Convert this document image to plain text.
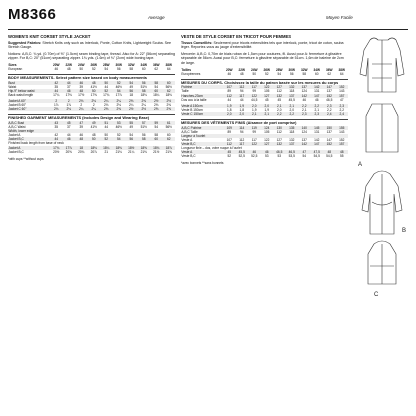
M8366	Average	Moyen Facile
WOMEN'S KNIT CORSET STYLE JACKET
Suggested Fabrics: Stretch Knits only such as Interlock, Ponte, Cotton Knits, Lightweight Scuba. See Stretch Gauge.
Notions: A,B,C: ¾ yd. (0.70m) of ⅝" (1.5cm) seam binding tape, thread. Also for A: 22" (56cm) separating zipper. For B,C: 20" (51cm) separating zipper. 1¾ yds. (1.6m) of ¾" (2cm) wide boning tape.
Sizes	20W	22W	24W	26W	28W	30W	32W	34W	36W	38W
European	46	48	50	52	54	56	58	60	62	64
BODY MEASUREMENTS- Select pattern size based on body measurements
Bust	42	44	46	48	50	52	54	56	58	60
Waist	35	37	39	41½	44	46½	49	51½	54	56½
Hip-9" below waist	44	46	48	50	52	54	56	58	60	62
Back waist length	17¼	17⅜	17½	17⅝	17¾	17⅞	18	18⅛	18¼	18⅜
Jacket A 60"	2	2	2⅛	2⅛	2¼	2¼	2⅜	2⅜	2½	2½
Jacket B 60"	1⅞	1⅞	2	2	2⅛	2⅛	2¼	2¼	2⅜	2⅜
Jacket C 60"	2⅛	2⅛	2¼	2¼	2⅜	2⅜	2½	2½	2⅝	2⅝
FINISHED GARMENT MEASUREMENTS (Includes Design and Wearing Ease)
A,B,C Bust	43	45	47	49	51	53	55	57	59	61
A,B,C Waist	35	37	39	41½	44	46½	49	51½	54	56½
Width, lower edge										
Jacket A	42	44	46	48	50	52	54	56	58	60
Jacket B,C	44	46	48	50	52	54	56	58	60	62
Finished back length from base of neck										
Jacket A	17¾	17⅞	18	18⅛	18¼	18⅜	18½	18⅝	18¾	18⅞
Jacket B,C	20½	20⅝	20¾	20⅞	21	21⅛	21¼	21⅜	21½	21⅝
*with cups **without cups
VESTE DE STYLE CORSET EN TRICOT POUR FEMMES
Tissus Conseillés: Seulement pour tricots extensibles tels que interlock, ponte, tricot de coton, scuba léger. Reportez-vous au jauge d'extensibilité.
Mercerie: A,B,C: 0,70m de biais ruban de 1,5cm pour coutures, fil. Aussi pour A: fermeture à glissière séparable de 56cm. Aussi pour B,C: fermeture à glissière séparable de 51cm. 1,6m de baleine de 2cm de large.
Tailles	20W	22W	24W	26W	28W	30W	32W	34W	36W	38W
Européennes	46	48	50	52	54	56	58	60	62	64
MESURES DU CORPS- Choisissez la taille du patron basée sur les mesures du corps
Poitrine	107	112	117	122	127	132	137	142	147	152
Taille	89	94	99	105	112	118	124	131	137	143
Hanches-23cm	112	117	122	127	132	137	142	147	152	157
Dos cou à la taille	44	44	44,5	45	45	45,5	46	46	46,5	47
Veste A 150cm	1,9	1,9	2,0	2,0	2,1	2,1	2,2	2,2	2,3	2,3
Veste B 150cm	1,8	1,8	1,9	1,9	2,0	2,0	2,1	2,1	2,2	2,2
Veste C 150cm	2,0	2,0	2,1	2,1	2,2	2,2	2,3	2,3	2,4	2,4
MESURES DES VÊTEMENTS FINIS (Aisance de port comprise)
A,B,C Poitrine	109	114	119	124	130	135	140	145	150	155
A,B,C Taille	89	94	99	105	112	118	124	131	137	143
Largeur à l'ourlet										
Veste A	107	112	117	122	127	132	137	142	147	152
Veste B,C	112	117	122	127	132	137	142	147	152	157
Longueur finie – dos, votre nuque à l'ourlet										
Veste A	45	45,5	46	46	46,5	46,5	47	47,5	48	48
Veste B,C	52	52,5	52,5	53	53	53,5	54	54,5	54,5	55
*avec bonnets **sans bonnets	A
B
C
